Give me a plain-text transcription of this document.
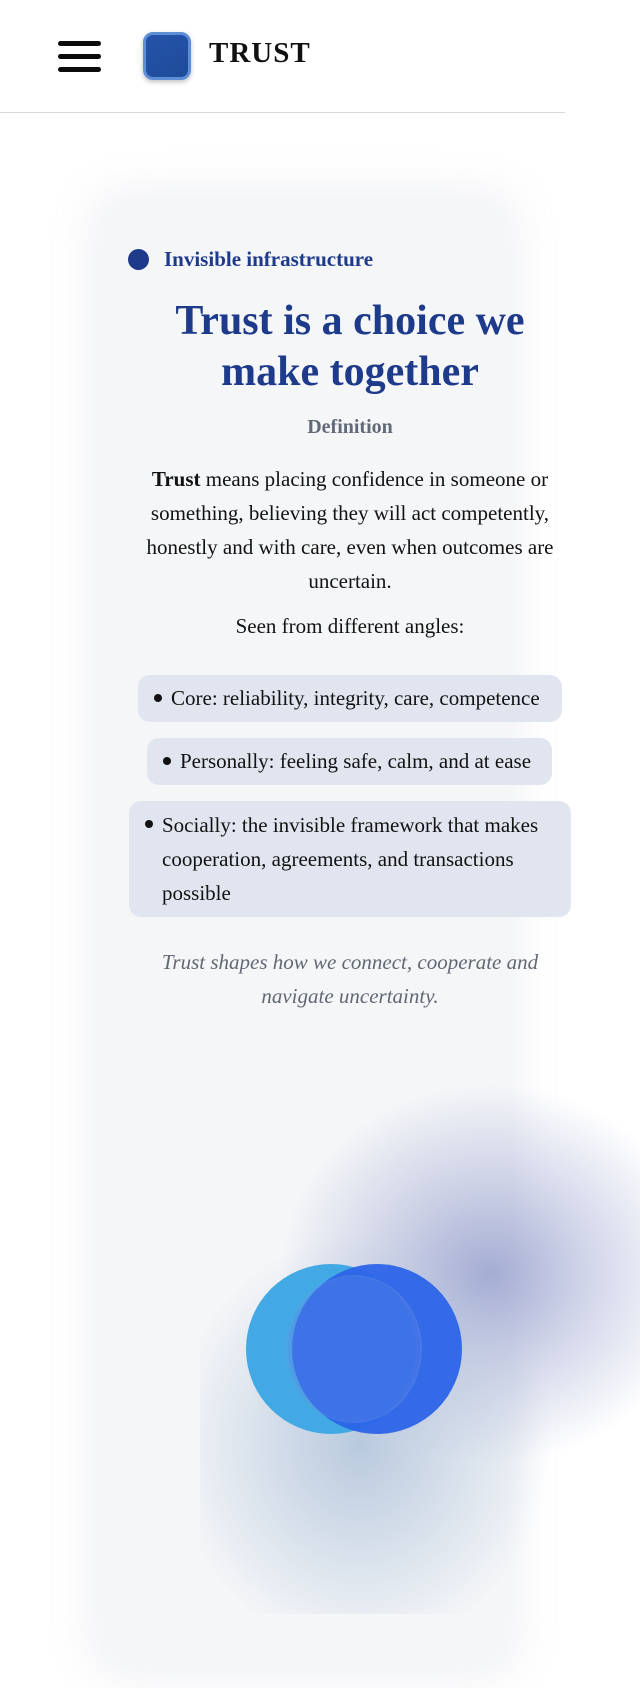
TRUST
Invisible infrastructure
Trust is a choice we make together
Definition

Trust means placing confidence in someone or something, believing they will act competently, honestly and with care, even when outcomes are uncertain.

Seen from different angles:
Core: reliability, integrity, care, competence
Personally: feeling safe, calm, and at ease
Socially: the invisible framework that makes cooperation, agreements, and transactions possible

Trust shapes how we connect, cooperate and navigate uncertainty.
